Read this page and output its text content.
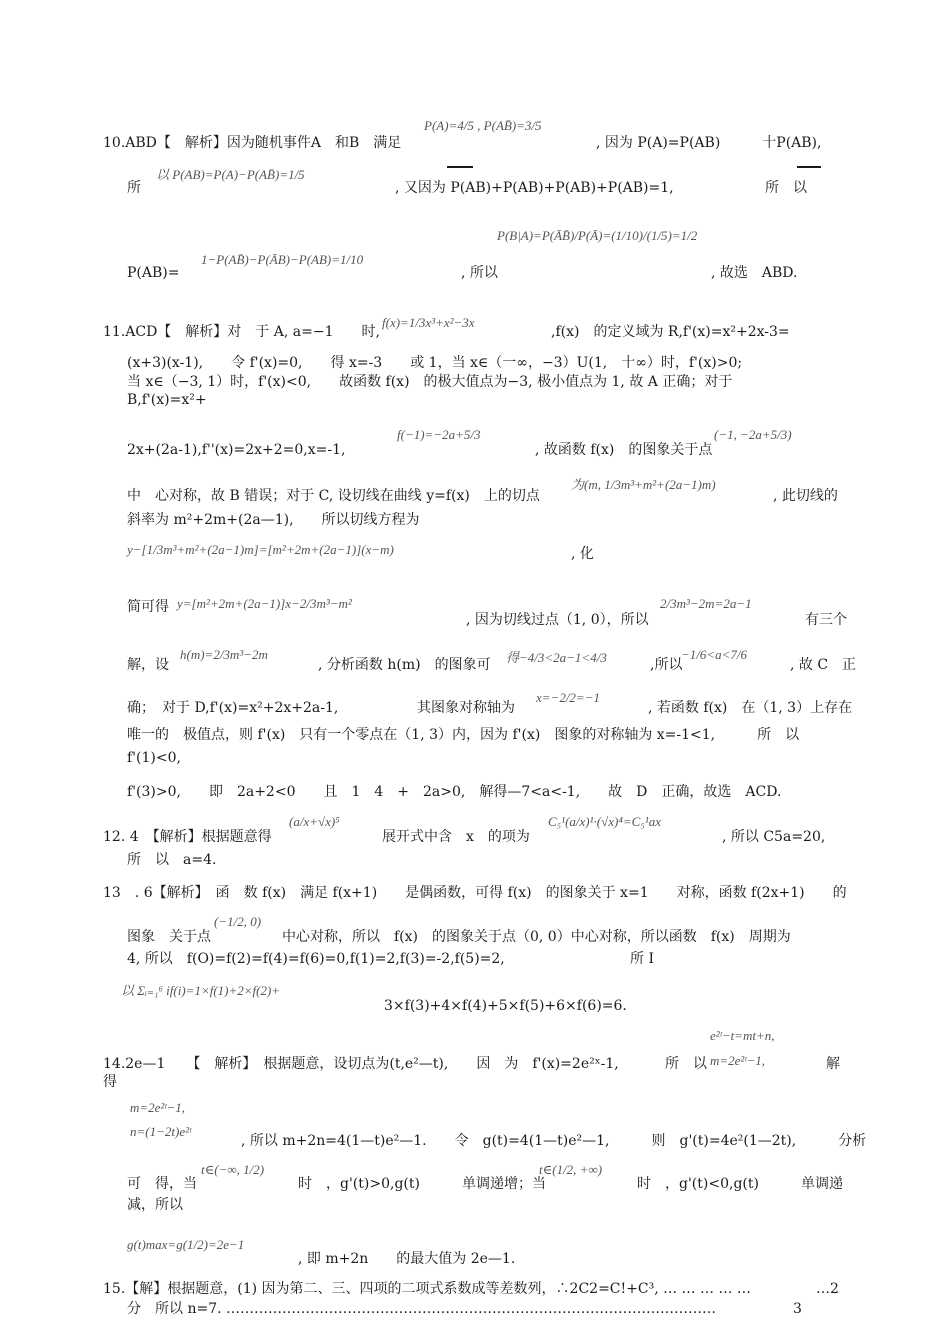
10.ABD【　解析】因为随机事件A　和B　满足
P(A)=4/5 , P(AB̄)=3/5
, 因为 P(A)=P(AB)　　　十P(AB),
所
以 P(AB)=P(A)−P(AB̄)=1/5
, 又因为 P(AB)+P(AB)+P(AB)+P(AB)=1,	所　以
P(B|A)=P(ĀB̄)/P(Ā)=(1/10)/(1/5)=1/2
P(AB)=
1−P(AB̄)−P(ĀB)−P(AB)=1/10
, 所以	, 故选　ABD.
11.ACD【　解析】对　于 A, a=−1　　时,
f(x)=1/3x³+x²−3x
,f(x)　的定义域为 R,f'(x)=x²+2x-3=
(x+3)(x-1),　　令 f'(x)=0,　　得 x=-3　　或 1，当 x∈（一∞，−3）U(1,　十∞）时，f'(x)>0;
当 x∈（−3, 1）时，f'(x)<0,　　故函数 f(x)　的极大值点为−3, 极小值点为 1, 故 A 正确；对于
B,f'(x)=x²+
2x+(2a-1),f''(x)=2x+2=0,x=-1,
f(−1)=−2a+5/3
, 故函数 f(x)　的图象关于点
(−1, −2a+5/3)
中　心对称，故 B 错误；对于 C, 设切线在曲线 y=f(x)　上的切点
为(m, 1/3m³+m²+(2a−1)m)
, 此切线的
斜率为 m²+2m+(2a—1),　　所以切线方程为
y−[1/3m³+m²+(2a−1)m]=[m²+2m+(2a−1)](x−m)	, 化
简可得 y=[m²+2m+(2a−1)]x−2/3m³−m²
, 因为切线过点（1, 0），所以
2/3m³−2m=2a−1
有三个
解，设
h(m)=2/3m³−2m
, 分析函数 h(m)　的图象可 得−4/3<2a−1<4/3	,所以
−1/6<a<7/6
, 故 C　正
确；　对于 D,f'(x)=x²+2x+2a-1,	其图象对称轴为
x=−2/2=−1
, 若函数 f(x)　在（1, 3）上存在
唯一的　极值点，则 f'(x)　只有一个零点在（1, 3）内，因为 f'(x)　图象的对称轴为 x=-1<1,　　　所　以
f'(1)<0,
f'(3)>0,　　即　2a+2<0　　且　1　4　+　2a>0,　解得—7<a<-1,　　故　D　正确，故选　ACD.
12. 4　【解析】根据题意得
(a/x+√x)⁵
展开式中含　x　的项为
C₅¹(a/x)¹·(√x)⁴=C₅¹ax
, 所以 C5a=20,
所　以　a=4.
13　. 6【解析】　函　数 f(x)　满足 f(x+1)　　是偶函数，可得 f(x)　的图象关于 x=1　　对称，函数 f(2x+1)　　的
图象　关于点
(−1/2, 0)
中心对称，所以　f(x)　的图象关于点（0, 0）中心对称，所以函数　f(x)　周期为
4, 所以　f(O)=f(2)=f(4)=f(6)=0,f(1)=2,f(3)=-2,f(5)=2,	所 I
以 Σᵢ₌₁⁶ if(i)=1×f(1)+2×f(2)+
3×f(3)+4×f(4)+5×f(5)+6×f(6)=6.
e²ᵗ−t=mt+n,
14.2e—1　　【　解析】　根据题意，设切点为(t,e²—t),　　因　为　f'(x)=2e²ˣ-1,	所　以 m=2e²ᵗ−1,	解
得
m=2e²ᵗ−1,
n=(1−2t)e²ᵗ
, 所以 m+2n=4(1—t)e²—1.　　令　g(t)=4(1—t)e²—1,　　　则　g'(t)=4e²(1—2t),　　　分析
可　得，当
t∈(−∞, 1/2)
时　，g'(t)>0,g(t)　　　单调递增；当
t∈(1/2, +∞)
时　，g'(t)<0,g(t)　　　单调递
减，所以
g(t)max=g(1/2)=2e−1
, 即 m+2n　　的最大值为 2e—1.
15.【解】根据题意，(1) 因为第二、三、四项的二项式系数成等差数列，∴2C2=C!+C³, … … … … …	…2
分　所以 n=7. ……………………………………………………………………………………………	3
